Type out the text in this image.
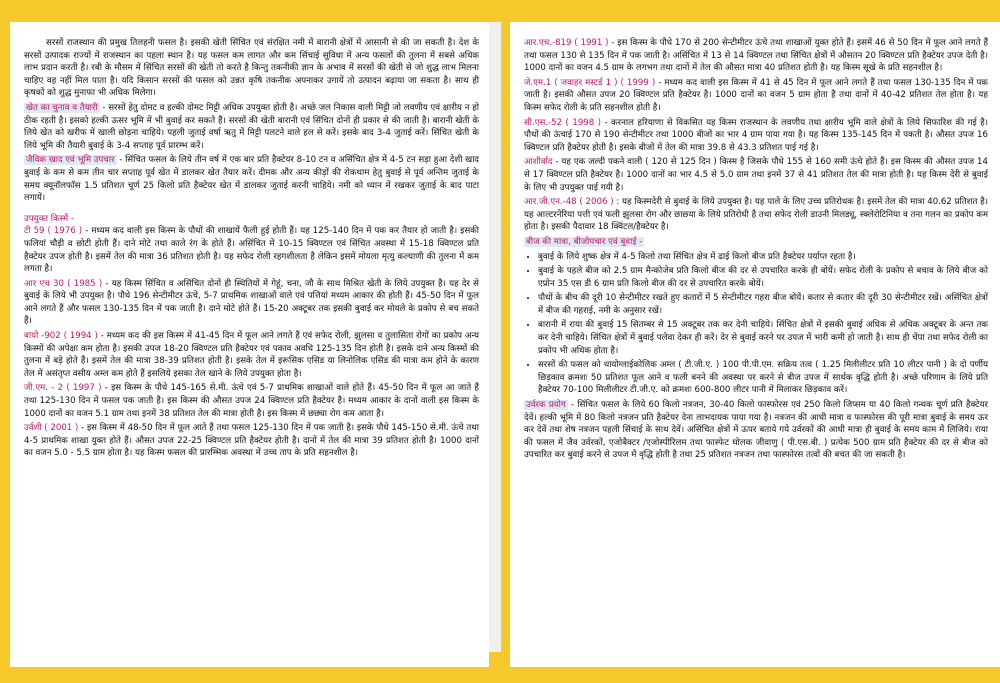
सरसों राजस्थान की प्रमुख तिलहनी फसल है। इसकी खेती सिंचित एवं संरक्षित नमी में बारानी क्षेत्रों में आसानी से की जा सकती है। देश के सरसों उत्पादक राज्यों में राजस्थान का पहला स्थान है। यह फसल कम लागत और कम सिंचाई सुविधा में अन्य फसलों की तुलना में सबसे अधिक लाभ प्रदान करती है। रबी के मौसम में सिंचित सरसों की खेती तो करते है किन्तु तकनीकी ज्ञान के अभाव में सरसों की खेती से जो शुद्ध लाभ मिलना चाहिए वह नहीं मिल पाता है। यदि किसान सरसों की फसल को उन्नत कृषि तकनीक अपनाकर उगायें तो उत्पादन बढ़ाया जा सकता है। साथ ही कृषकों को शुद्ध मुनाफा भी अधिक मिलेगा।

खेत का चुनाव व तैयारी - सरसों हेतु दोमट व हल्की दोमट मिट्टी अधिक उपयुक्त होती है। अच्छे जल निकास वाली मिट्टी जो लवणीय एवं क्षारीय न हो ठीक रहती है। इसको हल्की ऊसर भूमि में भी बुवाई कर सकते हैं। सरसों की खेती बारानी एवं सिंचित दोनों ही प्रकार से की जाती है। बारानी खेती के लिये खेत को खरीफ में खाली छोड़ना चाहिये। पहली जुताई वर्षा ऋतु में मिट्टी पलटने वाले हल से करें। इसके बाद 3-4 जुताई करें। सिंचित खेती के लिये भूमि की तैयारी बुवाई के 3-4 सप्ताह पूर्व प्रारम्भ करें।

जैविक खाद एवं भूमि उपचार - सिंचित फसल के लिये तीन वर्ष में एक बार प्रति हैक्टेयर 8-10 टन व असिंचित क्षेत्र में 4-5 टन सड़ा हुआ देशी खाद बुवाई के कम से कम तीन चार सप्ताह पूर्व खेत में डालकर खेत तैयार करें। दीमक और अन्य कीड़ों की रोकथाम हेतु बुवाई से पूर्व अन्तिम जुताई के समय क्यूनॉलफॉस 1.5 प्रतिशत चूर्ण 25 किलो प्रति हैक्टेयर खेत में डालकर जुताई करनी चाहिये। नमी को ध्यान में रखकर जुताई के बाद पाटा लगायें।

उपयुक्त किस्में -

टी 59 ( 1976 ) - मध्यम कद वाली इस किस्म के पौधों की शाखायें फैली हुई होती हैं। यह 125-140 दिन में पक कर तैयार हो जाती है। इसकी फलियां चौड़ी व छोटी होती हैं। दाने मोटे तथा काले रंग के होते हैं। असिंचित में 10-15 क्विण्टल एवं सिंचित अवस्था में 15-18 क्विण्टल प्रति हैक्टेयर उपज होती है। इसमें तेल की मात्रा 36 प्रतिशत होती है। यह सफेद रोली रहगशीलता है लेकिन इसमें मोयला मृत्यु कल्याणी की तुलना में कम लगता है।

आर एच 30 ( 1985 ) - यह किस्म सिंचित व असिंचित दोनों ही स्थितियों में गेहूं, चना, जौ के साथ मिश्रित खेती के लिये उपयुक्त है। यह देर से बुवाई के लिये भी उपयुक्त है। पौधे 196 सेन्टीमीटर ऊंचे, 5-7 प्राथमिक शाखाओं वाले एवं पत्तियां मध्यम आकार की होती हैं। 45-50 दिन में फूल आने लगते हैं और फसल 130-135 दिन में पक जाती है। दाने मोटे होते हैं। 15-20 अक्टूबर तक इसकी बुवाई कर मोयले के प्रकोप से बच सकते हैं।

बायो -902 ( 1994 ) - मध्यम कद की इस किस्म में 41-45 दिन में फूल आने लगते हैं एवं सफेद रोली, झुलसा व तुलासिता रोगों का प्रकोप अन्य किस्मों की अपेक्षा कम होता है। इसकी उपज 18-20 क्विण्टल प्रति हैक्टेयर एवं पकाव अवधि 125-135 दिन होती है। इसके दाने अन्य किस्मों की तुलना में बड़े होते हैं। इसमें तेल की मात्रा 38-39 प्रतिशत होती है। इसके तेल में इरूसिक एसिड या लिनोलिक एसिड की मात्रा कम होने के कारण तेल में असंतृप्त वसीय अम्ल कम होते हैं इसलिये इसका तेल खाने के लिये उपयुक्त होता है।

जी.एम. - 2 ( 1997 ) - इस किस्म के पौधे 145-165 से.मी. ऊंचे एवं 5-7 प्राथमिक शाखाओं वाले होते हैं। 45-50 दिन में फूल आ जाते हैं तथा 125-130 दिन में फसल पक जाती है। इस किस्म की औसत उपज 24 क्विण्टल प्रति हैक्टेयर है। मध्यम आकार के दानों वाली इस किस्म के 1000 दानों का वजन 5.1 ग्राम तथा इनमें 38 प्रतिशत तेल की मात्रा होती है। इस किस्म में छछ्या रोग कम आता है।

उर्वशी ( 2001 ) - इस किस्म में 48-50 दिन में फूल आते हैं तथा फसल 125-130 दिन में पक जाती है। इसके पौधे 145-150 से.मी. ऊंचे तथा 4-5 प्राथमिक शाखा युक्त होते हैं। औसत उपज 22-25 क्विण्टल प्रति हैक्टेयर होती है। दानों में तेल की मात्रा 39 प्रतिशत होती है। 1000 दानों का वजन 5.0 - 5.5 ग्राम होता है। यह किस्म फसल की प्रारम्भिक अवस्था में उच्च ताप के प्रति सहनशील है।

आर.एच.-819 ( 1991 ) - इस किस्म के पौधे 170 से 200 सेन्टीमीटर ऊंचे तथा शाखाओं युक्त होते हैं। इसमें 46 से 50 दिन में फूल आने लगते हैं तथा फसल 130 से 135 दिन में पक जाती है। असिंचित में 13 से 14 क्विण्टल तथा सिंचित क्षेत्रों में औसतन 20 क्विण्टल प्रति हैक्टेयर उपज देती है। 1000 दानों का वजन 4.5 ग्राम के लगभग तथा दानों में तेल की औसत मात्रा 40 प्रतिशत होती है। यह किस्म सूखे के प्रति सहनशील है।

जे.एम.1 ( जवाहर मस्टर्ड 1 ) ( 1999 ) - मध्यम कद वाली इस किस्म में 41 से 45 दिन में फूल आने लगते हैं तथा फसल 130-135 दिन में पक जाती है। इसकी औसत उपज 20 क्विण्टल प्रति हैक्टेयर है। 1000 दानों का वजन 5 ग्राम होता है तथा दानों में 40-42 प्रतिशत तेल होता है। यह किस्म सफेद रोली के प्रति सहनशील होती है।

सी.एस.-52 ( 1998 ) - करनाल हरियाणा से विकसित यह किस्म राजस्थान के लवणीय तथा क्षारीय भूमि वाले क्षेत्रों के लिये सिफारिश की गई है। पौधों की ऊंचाई 170 से 190 सेन्टीमीटर तथा 1000 बीजों का भार 4 ग्राम पाया गया है। यह किस्म 135-145 दिन में पकती है। औसत उपज 16 क्विण्टल प्रति हैक्टेयर होती है। इसके बीजों में तेल की मात्रा 39.8 से 43.3 प्रतिशत पाई गई है।

आशीर्वाद - यह एक जल्दी पकने वाली ( 120 से 125 दिन ) किस्म है जिसके पौधे 155 से 160 समी ऊंचे होते हैं। इस किस्म की औसत उपज 14 से 17 क्विण्टल प्रति हैक्टेयर है। 1000 दानों का भार 4.5 से 5.0 ग्राम तथा इनमें 37 से 41 प्रतिशत तेल की मात्रा होती है। यह किस्म देरी से बुवाई के लिए भी उपयुक्त पाई गयी है।

आर.जी.एन.-48 ( 2006 ) : यह किस्मदेरी से बुवाई के लिये उपयुक्त है। यह पाले के लिए उच्च प्रतिरोधक है। इसमें तेल की मात्रा 40.62 प्रतिशत है। यह आल्टरनेरिया पत्ती एवं फली झुलसा रोग और छाछया के लिये प्रतिरोधी है तथा सफेद रोली डाउनी मिलड्यू, स्क्लेरोटिनिया व तना गलन का प्रकोप कम होता है। इसकी पैदावार 18 क्विंटल/हैक्टेयर है।

बीज की मात्रा, बीजोपचार एवं बुवाई -

• बुवाई के लिये शुष्क क्षेत्र में 4-5 किलो तथा सिंचित क्षेत्र में ढाई किलो बीज प्रति हैक्टेयर पर्याप्त रहता है।
• बुवाई के पहले बीज को 2.5 ग्राम मैन्कोजेब प्रति किलो बीज की दर से उपचारित करके ही बोयें। सफेद रोली के प्रकोप से बचाव के लिये बीज को एप्रोन 35 एस डी 6 ग्राम प्रति किलो बीज की दर से उपचारित करके बोयें।
• पौधों के बीच की दूरी 10 सेन्टीमीटर रखते हुए कतारों में 5 सेन्टीमीटर गहरा बीज बोयें। कतार से कतार की दूरी 30 सेन्टीमीटर रखें। असिंचित क्षेत्रों में बीज की गहराई, नमी के अनुसार रखें।
• बारानी में राया की बुवाई 15 सितम्बर से 15 अक्टूबर तक कर देनी चाहिये। सिंचित क्षेत्रों में इसकी बुवाई अधिक से अधिक अक्टूबर के अन्त तक कर देनी चाहिये। सिंचित क्षेत्रों में बुवाई पलेवा देकर ही करें। देर से बुवाई करने पर उपज में भारी कमी हो जाती है। साथ ही चेंपा तथा सफेद रोली का प्रकोप भी अधिक होता है।
• सरसों की फसल को थायोग्लाईकोलिक अम्ल ( टी.जी.ए. ) 100 पी.पी.एम. सक्रिय तत्व ( 1.25 मिलीलीटर प्रति 10 लीटर पानी ) के दो पर्णीय छिड़काव क्रमशः 50 प्रतिशत फूल आने व फली बनने की अवस्था पर करने से बीज उपज में सार्थक वृद्धि होती है। अच्छे परिणाम के लिये प्रति हैक्टेयर 70-100 मिलीलीटर टी.जी.ए. को क्रमशः 600-800 लीटर पानी में मिलाकर छिड़काव करें।

उर्वरक प्रयोग - सिंचित फसल के लिये 60 किलो नत्रजन, 30-40 किलो फास्फोरस एवं 250 किलो जिप्सम या 40 किलो गन्धक चूर्ण प्रति हैक्टेयर देवें। हल्की भूमि में 80 किलो नत्रजन प्रति हैक्टेयर देना लाभदायक पाया गया है। नत्रजन की आधी मात्रा व फास्फोरस की पूरी मात्रा बुवाई के समय ऊर कर देवें तथा शेष नत्रजन पहली सिंचाई के साथ देवें। असिंचित क्षेत्रों में ऊपर बताये गये उर्वरकों की आधी मात्रा ही बुवाई के समय काम में लिजिये। राया की फसल में जैव उर्वरकों, एजोबैक्टर /एजोस्पीरिलम तथा फास्फेट घोलक जीवाणु ( पी.एस.बी. ) प्रत्येक 500 ग्राम प्रति हैक्टेयर की दर से बीज को उपचारित कर बुवाई करने से उपज में वृद्धि होती है तथा 25 प्रतिशत नत्रजन तथा फास्फोरस तत्वों की बचत की जा सकती है।
